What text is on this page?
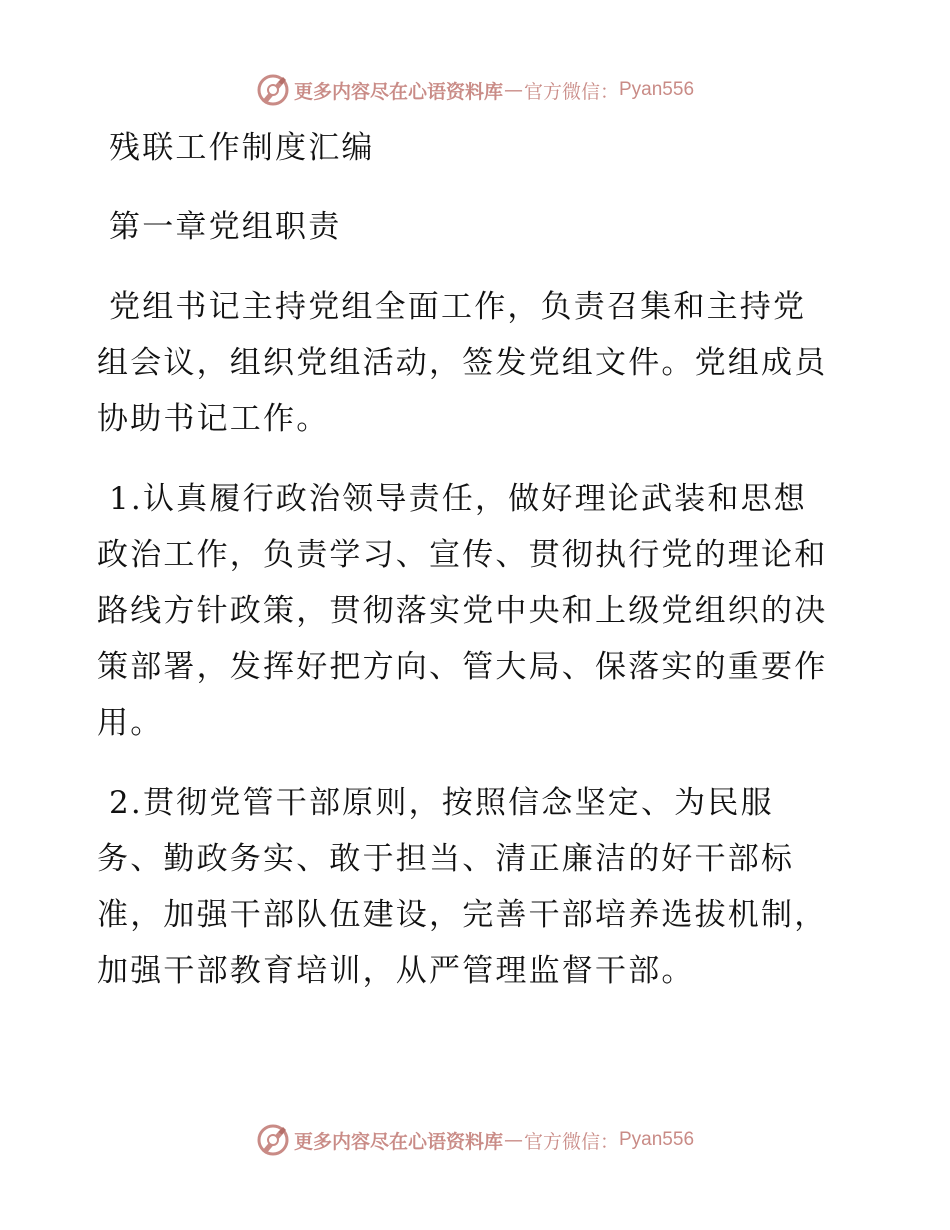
更多内容尽在心语资料库 — 官方微信： Pyan556

残联工作制度汇编

第一章党组职责

党组书记主持党组全面工作，负责召集和主持党
组会议，组织党组活动，签发党组文件。党组成员
协助书记工作。
1.认真履行政治领导责任，做好理论武装和思想
政治工作，负责学习、宣传、贯彻执行党的理论和
路线方针政策，贯彻落实党中央和上级党组织的决
策部署，发挥好把方向、管大局、保落实的重要作
用。
2.贯彻党管干部原则，按照信念坚定、为民服
务、勤政务实、敢于担当、清正廉洁的好干部标
准，加强干部队伍建设，完善干部培养选拔机制，
加强干部教育培训，从严管理监督干部。
更多内容尽在心语资料库 — 官方微信： Pyan556
